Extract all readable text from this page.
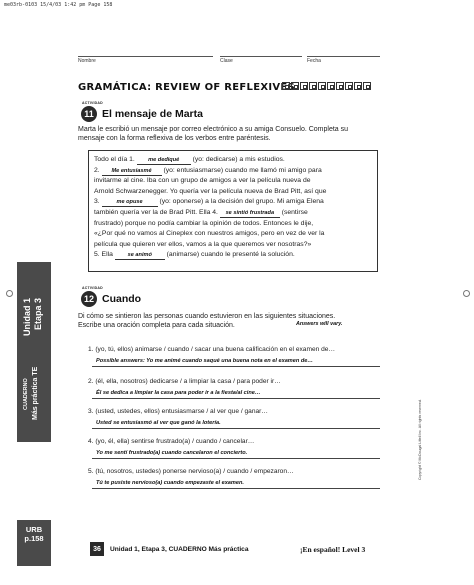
me03rb-0103 15/4/03 1:42 pm Page 158
Nombre	Clase	Fecha
GRAMÁTICA: REVIEW OF REFLEXIVES
ACTIVIDAD
11 El mensaje de Marta
Marta le escribió un mensaje por correo electrónico a su amiga Consuelo. Completa su
mensaje con la forma reflexiva de los verbos entre paréntesis.
Todo el día 1. me dediqué (yo: dedicarse) a mis estudios.
2. Me entusiasmé (yo: entusiasmarse) cuando me llamó mi amigo para
invitarme al cine. Iba con un grupo de amigos a ver la película nueva de
Arnold Schwarzenegger. Yo quería ver la película nueva de Brad Pitt, así que
3.	me opuse (yo: oponerse) a la decisión del grupo. Mi amiga Elena
también quería ver la de Brad Pitt. Ella 4. se sintió frustrada (sentirse
frustrado) porque no podía cambiar la opinión de todos. Entonces le dije,
«¿Por qué no vamos al Cineplex con nuestros amigos, pero en vez de ver la
película que quieren ver ellos, vamos a la que queremos ver nosotras?»
5. Ella	se animó (animarse) cuando le presenté la solución.
ACTIVIDAD
12 Cuando
Di cómo se sintieron las personas cuando estuvieron en las siguientes situaciones.
Escribe una oración completa para cada situación.	Answers will vary.
1. (yo, tú, ellos) animarse / cuando / sacar una buena calificación en el examen de…
Possible answers: Yo me animé cuando saqué una buena nota en el examen de…
2. (él, ella, nosotros) dedicarse / a limpiar la casa / para poder ir…
Él se dedica a limpiar la casa para poder ir a la fiesta/al cine…
3. (usted, ustedes, ellos) entusiasmarse / al ver que / ganar…
Usted se entusiasmó al ver que ganó la lotería.
4. (yo, él, ella) sentirse frustrado(a) / cuando / cancelar…
Yo me sentí frustrado(a) cuando cancelaron el concierto.
5. (tú, nosotros, ustedes) ponerse nervioso(a) / cuando / empezaron…
Tú te pusiste nervioso(a) cuando empezaste el examen.
Unidad 1 Etapa 3
CUADERNO Más práctica TE
URB
p.158
Copyright © McDougal Littell Inc. All rights reserved.
36	Unidad 1, Etapa 3, CUADERNO Más práctica	¡En español! Level 3
